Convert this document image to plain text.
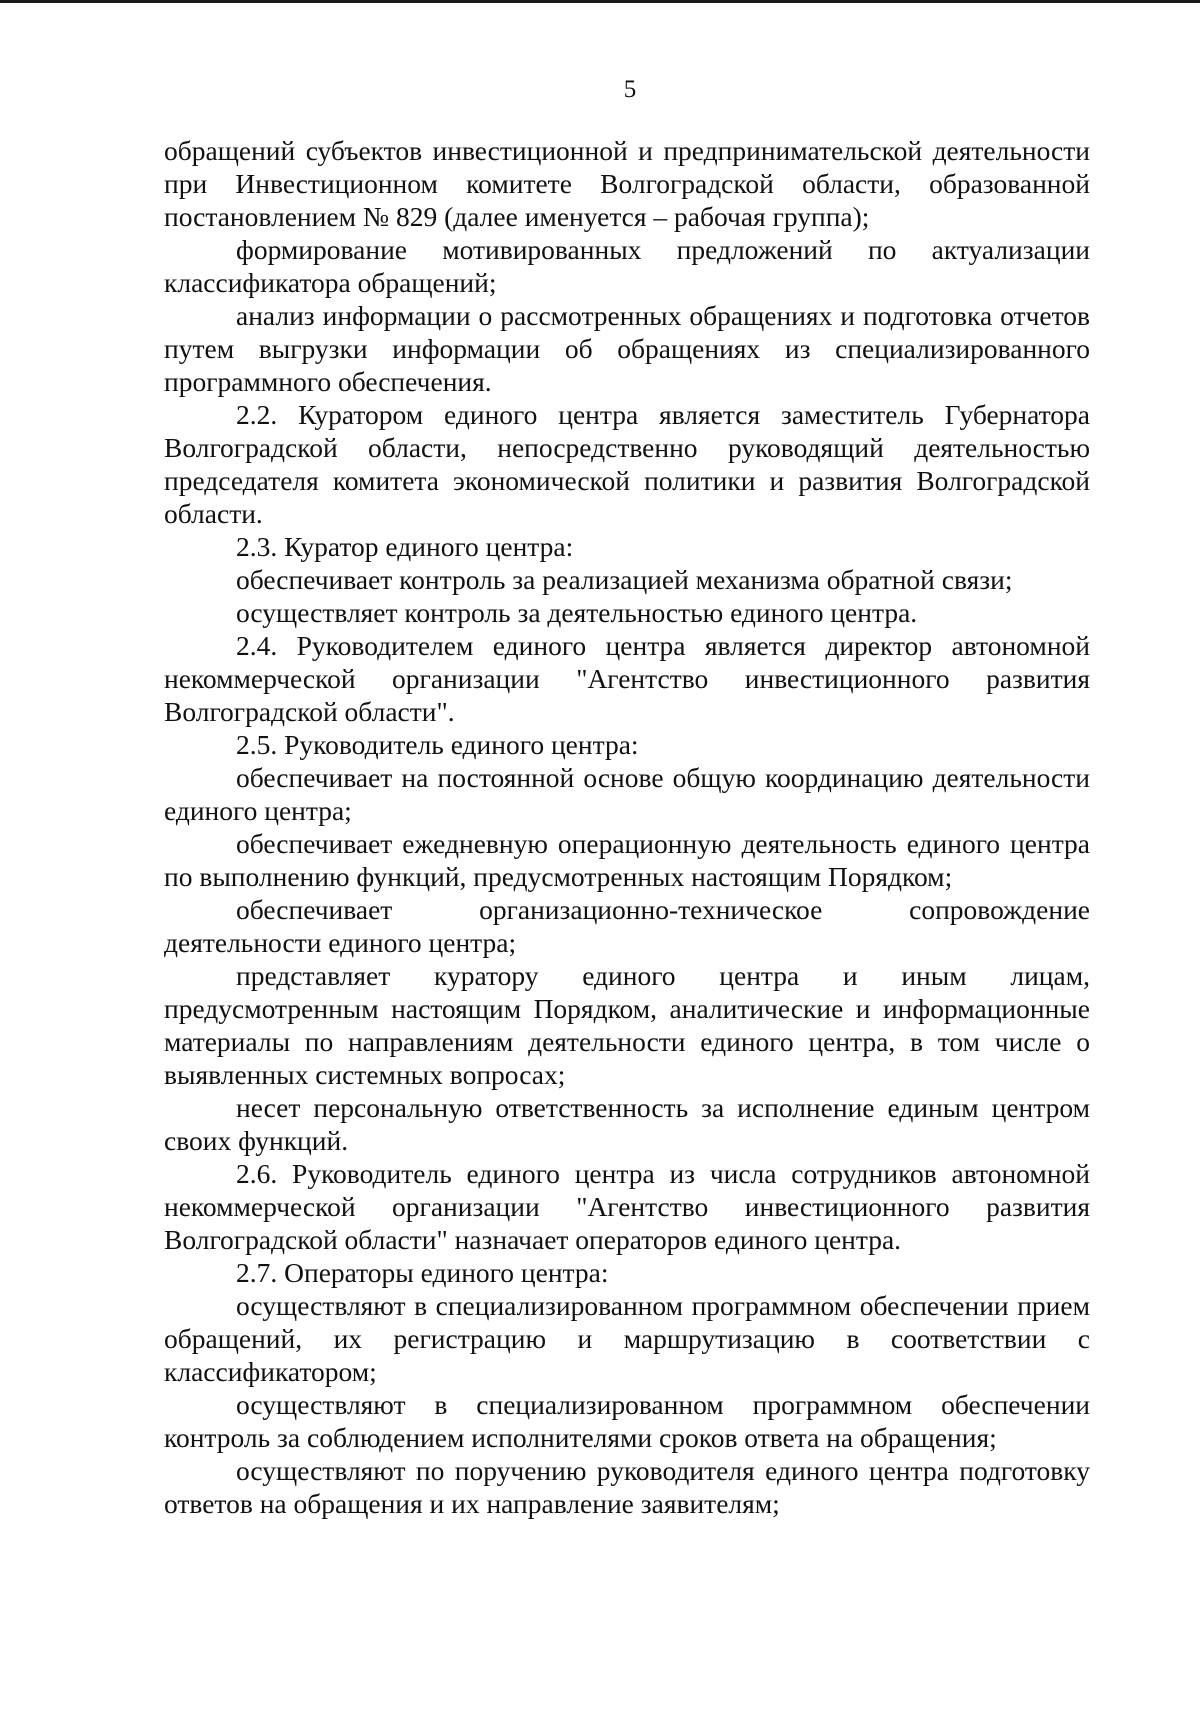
5

обращений субъектов инвестиционной и предпринимательской деятельности при Инвестиционном комитете Волгоградской области, образованной постановлением № 829 (далее именуется – рабочая группа);

формирование мотивированных предложений по актуализации классификатора обращений;

анализ информации о рассмотренных обращениях и подготовка отчетов путем выгрузки информации об обращениях из специализированного программного обеспечения.

2.2. Куратором единого центра является заместитель Губернатора Волгоградской области, непосредственно руководящий деятельностью председателя комитета экономической политики и развития Волгоградской области.

2.3. Куратор единого центра:

обеспечивает контроль за реализацией механизма обратной связи;

осуществляет контроль за деятельностью единого центра.

2.4. Руководителем единого центра является директор автономной некоммерческой организации "Агентство инвестиционного развития Волгоградской области".

2.5. Руководитель единого центра:

обеспечивает на постоянной основе общую координацию деятельности единого центра;

обеспечивает ежедневную операционную деятельность единого центра по выполнению функций, предусмотренных настоящим Порядком;

обеспечивает организационно-техническое сопровождение деятельности единого центра;

представляет куратору единого центра и иным лицам, предусмотренным настоящим Порядком, аналитические и информационные материалы по направлениям деятельности единого центра, в том числе о выявленных системных вопросах;

несет персональную ответственность за исполнение единым центром своих функций.

2.6. Руководитель единого центра из числа сотрудников автономной некоммерческой организации "Агентство инвестиционного развития Волгоградской области" назначает операторов единого центра.

2.7. Операторы единого центра:

осуществляют в специализированном программном обеспечении прием обращений, их регистрацию и маршрутизацию в соответствии с классификатором;

осуществляют в специализированном программном обеспечении контроль за соблюдением исполнителями сроков ответа на обращения;

осуществляют по поручению руководителя единого центра подготовку ответов на обращения и их направление заявителям;
